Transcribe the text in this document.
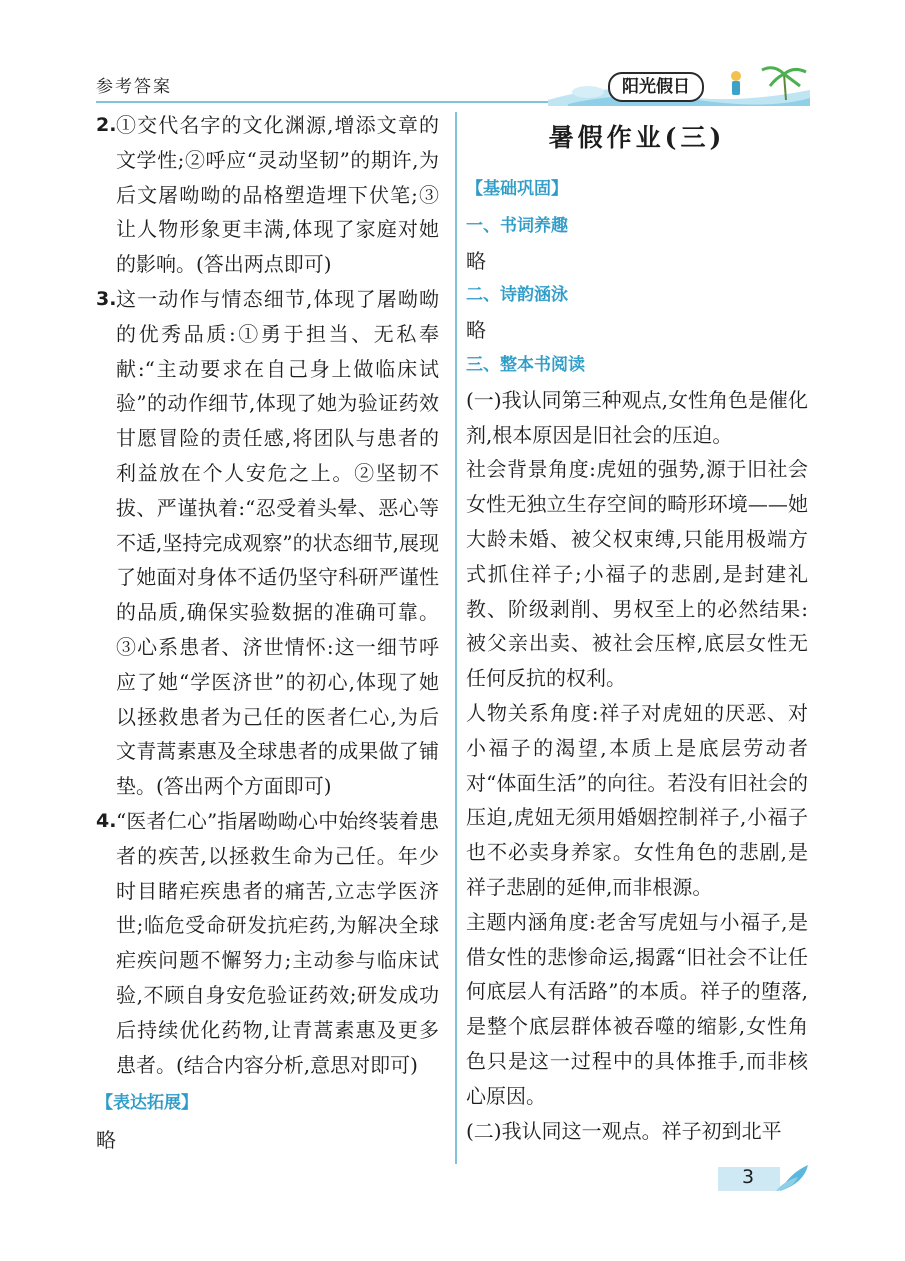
参考答案	阳光假日
2. ①交代名字的文化渊源,增添文章的文学性;②呼应“灵动坚韧”的期许,为后文屠呦呦的品格塑造埋下伏笔;③让人物形象更丰满,体现了家庭对她的影响。(答出两点即可)
3. 这一动作与情态细节,体现了屠呦呦的优秀品质:①勇于担当、无私奉献:“主动要求在自己身上做临床试验”的动作细节,体现了她为验证药效甘愿冒险的责任感,将团队与患者的利益放在个人安危之上。②坚韧不拔、严谨执着:“忍受着头晕、恶心等不适,坚持完成观察”的状态细节,展现了她面对身体不适仍坚守科研严谨性的品质,确保实验数据的准确可靠。③心系患者、济世情怀:这一细节呼应了她“学医济世”的初心,体现了她以拯救患者为己任的医者仁心,为后文青蒿素惠及全球患者的成果做了铺垫。(答出两个方面即可)
4. “医者仁心”指屠呦呦心中始终装着患者的疾苦,以拯救生命为己任。年少时目睹疟疾患者的痛苦,立志学医济世;临危受命研发抗疟药,为解决全球疟疾问题不懈努力;主动参与临床试验,不顾自身安危验证药效;研发成功后持续优化药物,让青蒿素惠及更多患者。(结合内容分析,意思对即可)
【表达拓展】
略
暑假作业(三)
【基础巩固】
一、书词养趣
略
二、诗韵涵泳
略
三、整本书阅读
(一)我认同第三种观点,女性角色是催化剂,根本原因是旧社会的压迫。
社会背景角度:虎妞的强势,源于旧社会女性无独立生存空间的畸形环境——她大龄未婚、被父权束缚,只能用极端方式抓住祥子;小福子的悲剧,是封建礼教、阶级剥削、男权至上的必然结果:被父亲出卖、被社会压榨,底层女性无任何反抗的权利。
人物关系角度:祥子对虎妞的厌恶、对小福子的渴望,本质上是底层劳动者对“体面生活”的向往。若没有旧社会的压迫,虎妞无须用婚姻控制祥子,小福子也不必卖身养家。女性角色的悲剧,是祥子悲剧的延伸,而非根源。
主题内涵角度:老舍写虎妞与小福子,是借女性的悲惨命运,揭露“旧社会不让任何底层人有活路”的本质。祥子的堕落,是整个底层群体被吞噬的缩影,女性角色只是这一过程中的具体推手,而非核心原因。
(二)我认同这一观点。祥子初到北平
3
